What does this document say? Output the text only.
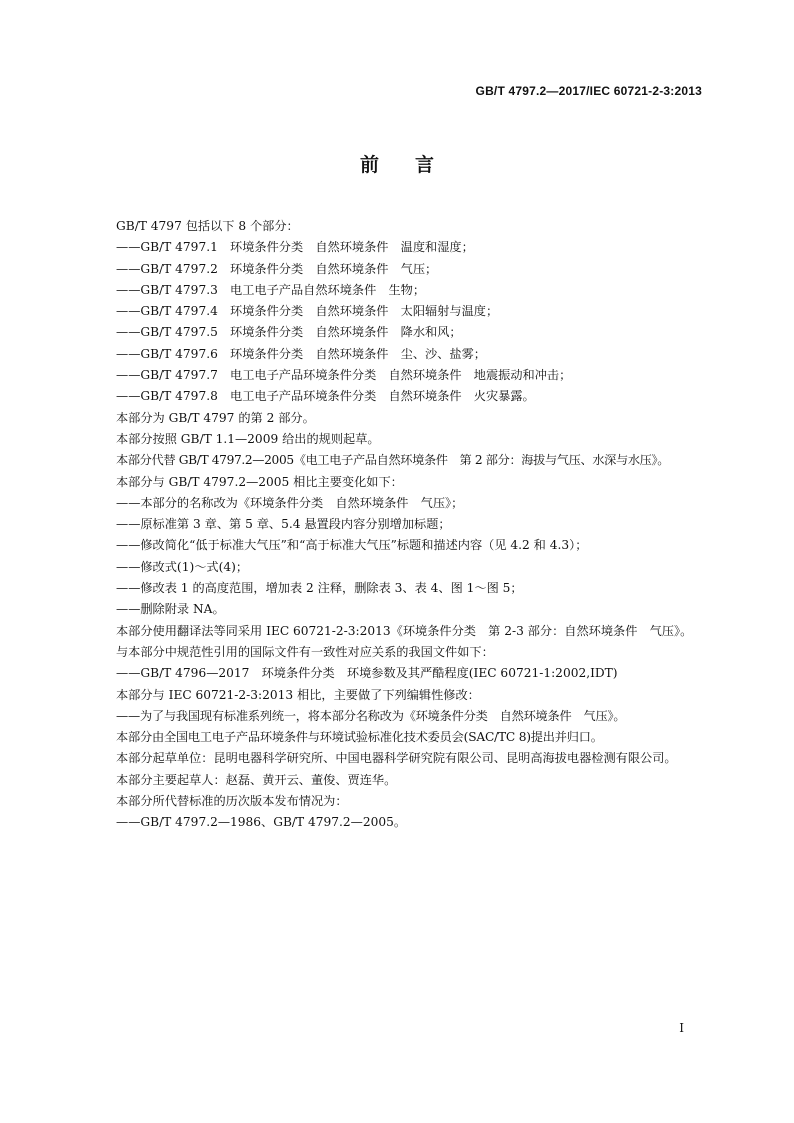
GB/T 4797.2—2017/IEC 60721-2-3:2013
前言

GB/T 4797 包括以下 8 个部分：

——GB/T 4797.1　环境条件分类　自然环境条件　温度和湿度；

——GB/T 4797.2　环境条件分类　自然环境条件　气压；

——GB/T 4797.3　电工电子产品自然环境条件　生物；

——GB/T 4797.4　环境条件分类　自然环境条件　太阳辐射与温度；

——GB/T 4797.5　环境条件分类　自然环境条件　降水和风；

——GB/T 4797.6　环境条件分类　自然环境条件　尘、沙、盐雾；

——GB/T 4797.7　电工电子产品环境条件分类　自然环境条件　地震振动和冲击；

——GB/T 4797.8　电工电子产品环境条件分类　自然环境条件　火灾暴露。

本部分为 GB/T 4797 的第 2 部分。

本部分按照 GB/T 1.1—2009 给出的规则起草。

本部分代替 GB/T 4797.2—2005《电工电子产品自然环境条件　第 2 部分：海拔与气压、水深与水压》。

本部分与 GB/T 4797.2—2005 相比主要变化如下：

——本部分的名称改为《环境条件分类　自然环境条件　气压》；

——原标准第 3 章、第 5 章、5.4 悬置段内容分别增加标题；

——修改简化“低于标准大气压”和“高于标准大气压”标题和描述内容（见 4.2 和 4.3）；

——修改式(1)～式(4)；

——修改表 1 的高度范围，增加表 2 注释，删除表 3、表 4、图 1～图 5；

——删除附录 NA。

本部分使用翻译法等同采用 IEC 60721-2-3:2013《环境条件分类　第 2-3 部分：自然环境条件　气压》。

与本部分中规范性引用的国际文件有一致性对应关系的我国文件如下：

——GB/T 4796—2017　环境条件分类　环境参数及其严酷程度(IEC 60721-1:2002,IDT)

本部分与 IEC 60721-2-3:2013 相比，主要做了下列编辑性修改：

——为了与我国现有标准系列统一，将本部分名称改为《环境条件分类　自然环境条件　气压》。

本部分由全国电工电子产品环境条件与环境试验标准化技术委员会(SAC/TC 8)提出并归口。

本部分起草单位：昆明电器科学研究所、中国电器科学研究院有限公司、昆明高海拔电器检测有限公司。

本部分主要起草人：赵磊、黄开云、董俊、贾连华。

本部分所代替标准的历次版本发布情况为：

——GB/T 4797.2—1986、GB/T 4797.2—2005。

I
